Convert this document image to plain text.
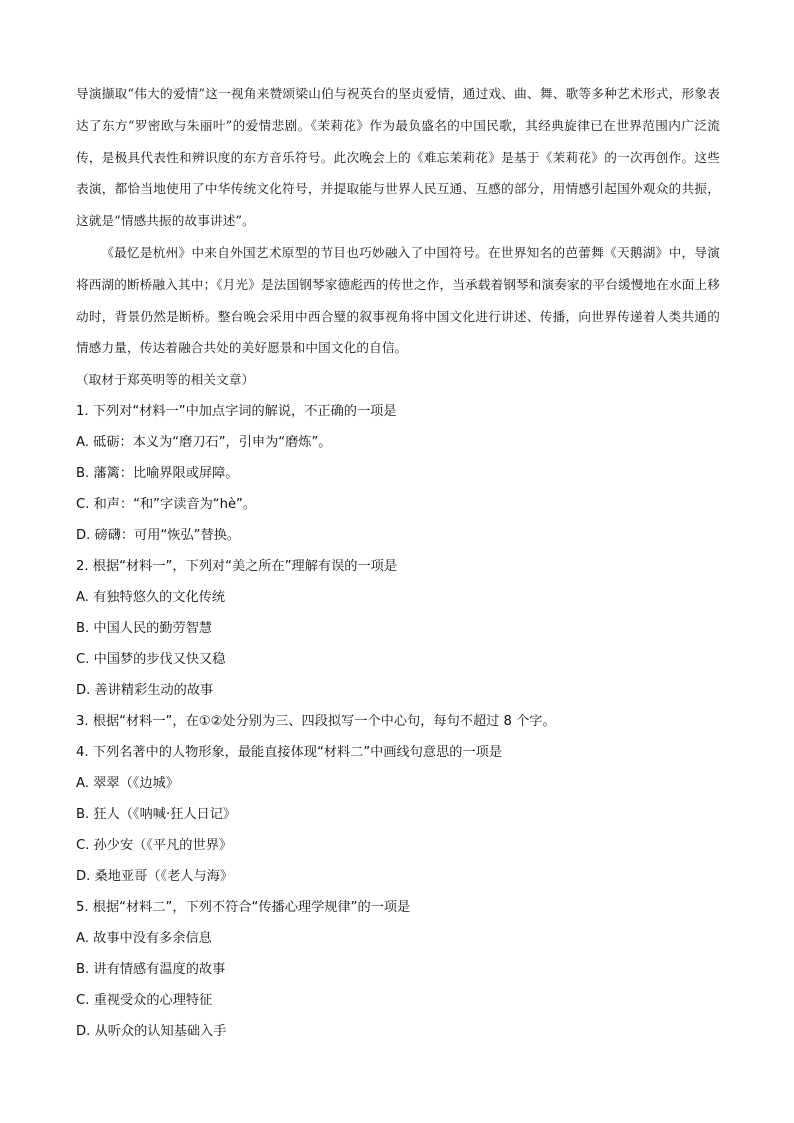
导演撷取“伟大的爱情”这一视角来赞颂梁山伯与祝英台的坚贞爱情，通过戏、曲、舞、歌等多种艺术形式，形象表达了东方“罗密欧与朱丽叶”的爱情悲剧。《茉莉花》作为最负盛名的中国民歌，其经典旋律已在世界范围内广泛流传，是极具代表性和辨识度的东方音乐符号。此次晚会上的《难忘茉莉花》是基于《茉莉花》的一次再创作。这些表演，都恰当地使用了中华传统文化符号，并提取能与世界人民互通、互感的部分，用情感引起国外观众的共振，这就是“情感共振的故事讲述”。

《最忆是杭州》中来自外国艺术原型的节目也巧妙融入了中国符号。在世界知名的芭蕾舞《天鹅湖》中，导演将西湖的断桥融入其中；《月光》是法国钢琴家德彪西的传世之作，当承载着钢琴和演奏家的平台缓慢地在水面上移动时，背景仍然是断桥。整台晚会采用中西合璧的叙事视角将中国文化进行讲述、传播，向世界传递着人类共通的情感力量，传达着融合共处的美好愿景和中国文化的自信。

（取材于郑英明等的相关文章）

1. 下列对“材料一”中加点字词的解说，不正确的一项是

A. 砥砺：本义为“磨刀石”，引申为“磨炼”。

B. 藩篱：比喻界限或屏障。

C. 和声：“和”字读音为“hè”。

D. 磅礴：可用“恢弘”替换。

2. 根据“材料一”，下列对“美之所在”理解有误的一项是

A. 有独特悠久的文化传统

B. 中国人民的勤劳智慧

C. 中国梦的步伐又快又稳

D. 善讲精彩生动的故事

3. 根据“材料一”，在①②处分别为三、四段拟写一个中心句，每句不超过 8 个字。

4. 下列名著中的人物形象，最能直接体现“材料二”中画线句意思的一项是

A. 翠翠（《边城》

B. 狂人（《呐喊·狂人日记》

C. 孙少安（《平凡的世界》

D. 桑地亚哥（《老人与海》

5. 根据“材料二”，下列不符合“传播心理学规律”的一项是

A. 故事中没有多余信息

B. 讲有情感有温度的故事

C. 重视受众的心理特征

D. 从听众的认知基础入手
